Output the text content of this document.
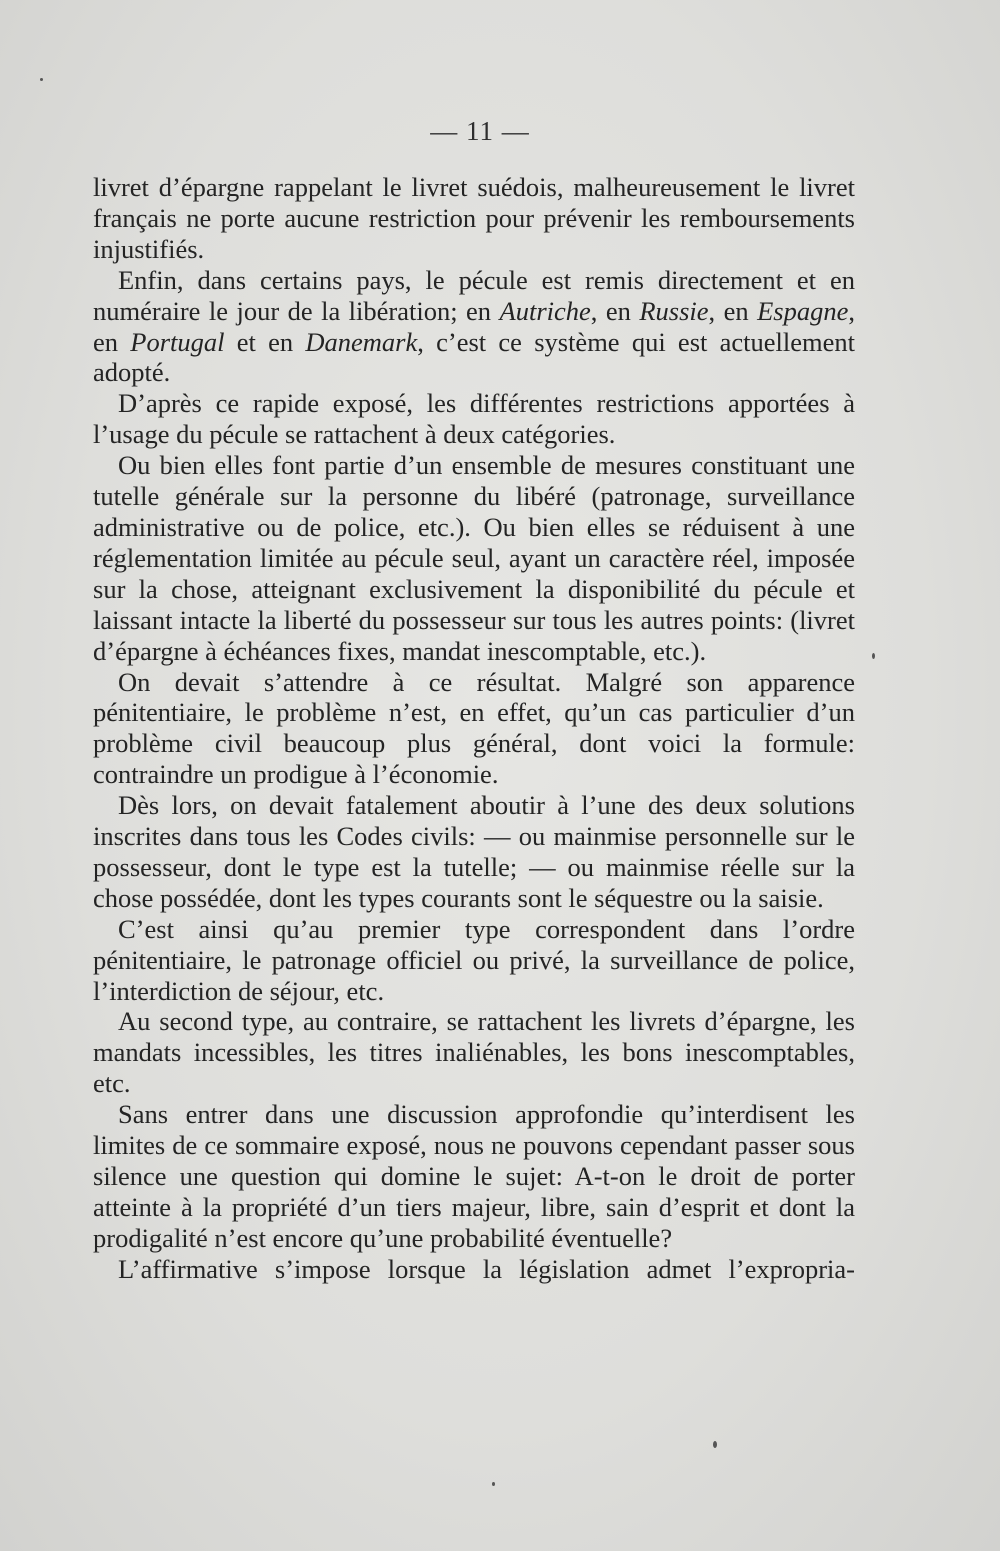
— 11 —

livret d’épargne rappelant le livret suédois, malheureusement le livret français ne porte aucune restriction pour prévenir les remboursements injustifiés.

Enfin, dans certains pays, le pécule est remis directement et en numéraire le jour de la libération; en Autriche, en Russie, en Espagne, en Portugal et en Danemark, c’est ce système qui est actuellement adopté.

D’après ce rapide exposé, les différentes restrictions apportées à l’usage du pécule se rattachent à deux catégories.

Ou bien elles font partie d’un ensemble de mesures constituant une tutelle générale sur la personne du libéré (patronage, surveillance administrative ou de police, etc.). Ou bien elles se réduisent à une réglementation limitée au pécule seul, ayant un caractère réel, imposée sur la chose, atteignant exclusivement la disponibilité du pécule et laissant intacte la liberté du possesseur sur tous les autres points: (livret d’épargne à échéances fixes, mandat inescomptable, etc.).

On devait s’attendre à ce résultat. Malgré son apparence pénitentiaire, le problème n’est, en effet, qu’un cas particulier d’un problème civil beaucoup plus général, dont voici la formule: contraindre un prodigue à l’économie.

Dès lors, on devait fatalement aboutir à l’une des deux solutions inscrites dans tous les Codes civils: — ou mainmise personnelle sur le possesseur, dont le type est la tutelle; — ou mainmise réelle sur la chose possédée, dont les types courants sont le séquestre ou la saisie.

C’est ainsi qu’au premier type correspondent dans l’ordre pénitentiaire, le patronage officiel ou privé, la surveillance de police, l’interdiction de séjour, etc.

Au second type, au contraire, se rattachent les livrets d’épargne, les mandats incessibles, les titres inaliénables, les bons inescomptables, etc.

Sans entrer dans une discussion approfondie qu’interdisent les limites de ce sommaire exposé, nous ne pouvons cependant passer sous silence une question qui domine le sujet: A-t-on le droit de porter atteinte à la propriété d’un tiers majeur, libre, sain d’esprit et dont la prodigalité n’est encore qu’une probabilité éventuelle?

L’affirmative s’impose lorsque la législation admet l’expropria-
